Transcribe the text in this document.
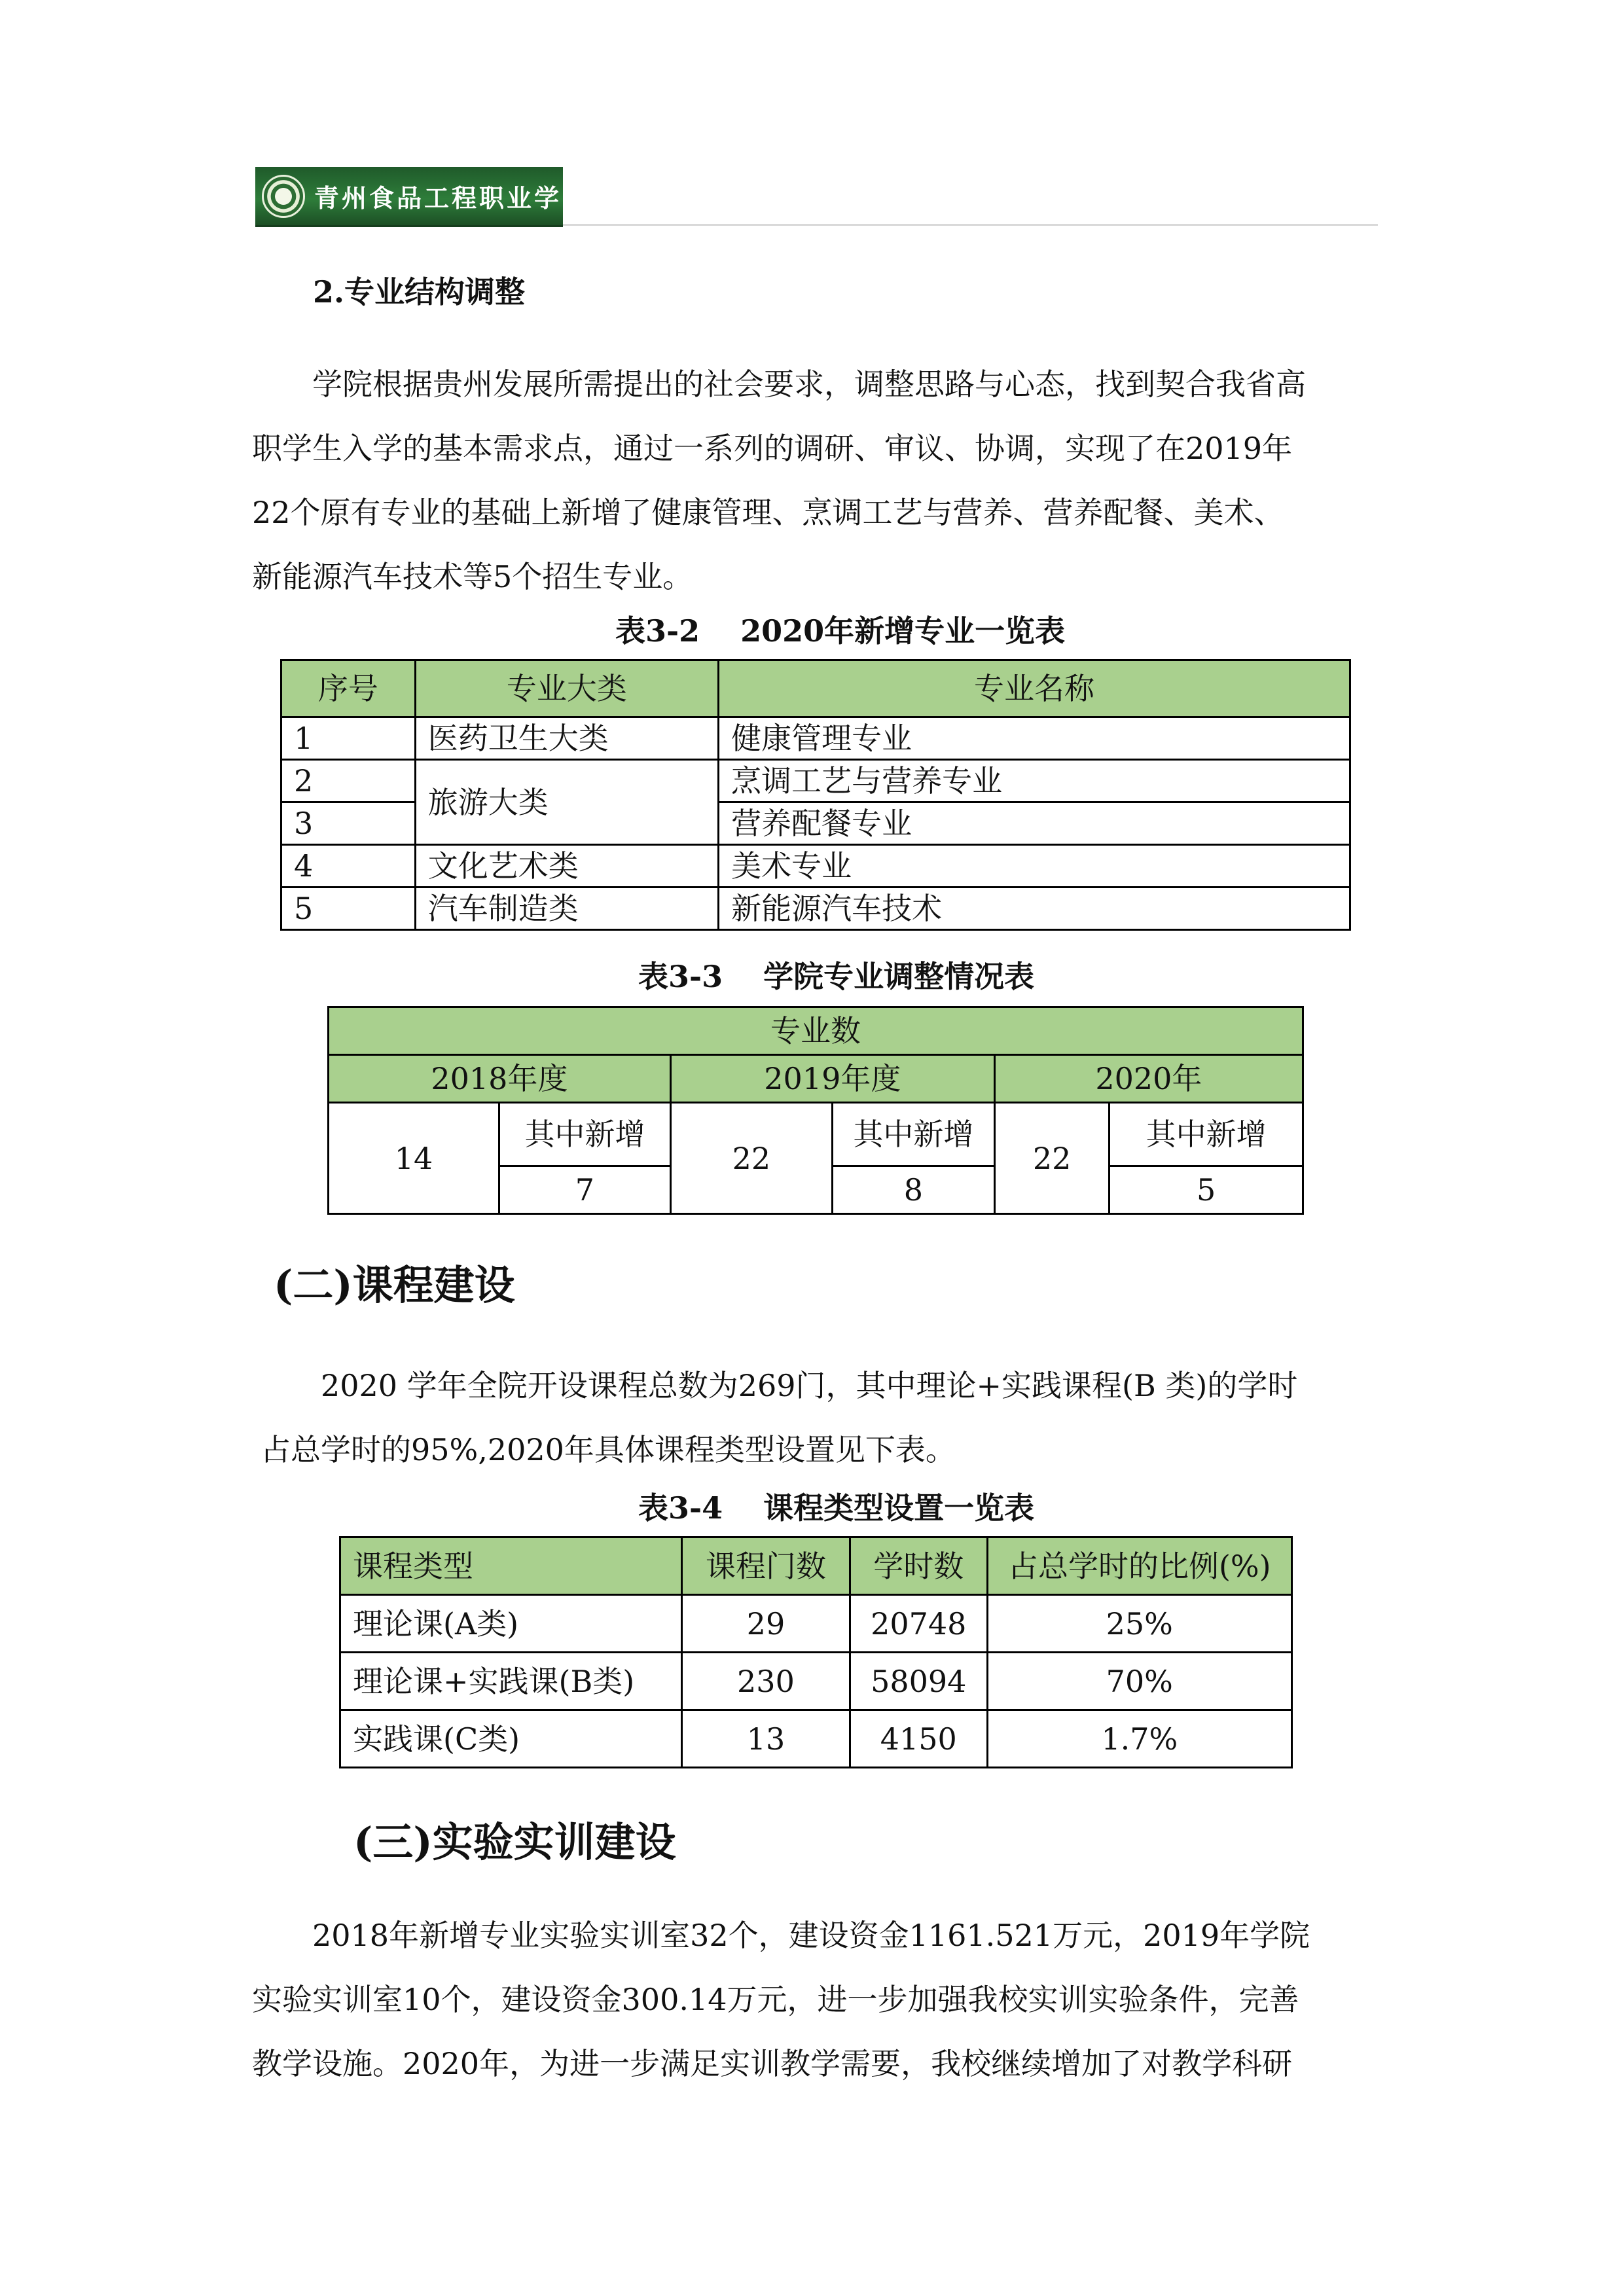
青州食品工程职业学院
2.专业结构调整

学院根据贵州发展所需提出的社会要求，调整思路与心态，找到契合我省高

职学生入学的基本需求点，通过一系列的调研、审议、协调，实现了在2019年

22个原有专业的基础上新增了健康管理、烹调工艺与营养、营养配餐、美术、

新能源汽车技术等5个招生专业。

表3-2 2020年新增专业一览表
序号	专业大类	专业名称
1	医药卫生大类	健康管理专业
2	旅游大类	烹调工艺与营养专业
3		营养配餐专业
4	文化艺术类	美术专业
5	汽车制造类	新能源汽车技术
表3-3 学院专业调整情况表
专业数					
2018年度		2019年度		2020年	
14	其中新增	22	其中新增	22	其中新增
	7		8		5
(二)课程建设

2020 学年全院开设课程总数为269门，其中理论+实践课程(B 类)的学时

占总学时的95%,2020年具体课程类型设置见下表。

表3-4 课程类型设置一览表
课程类型	课程门数	学时数	占总学时的比例(%)
理论课(A类)	29	20748	25%
理论课+实践课(B类)	230	58094	70%
实践课(C类)	13	4150	1.7%
(三)实验实训建设

2018年新增专业实验实训室32个，建设资金1161.521万元，2019年学院

实验实训室10个，建设资金300.14万元，进一步加强我校实训实验条件，完善

教学设施。2020年，为进一步满足实训教学需要，我校继续增加了对教学科研
